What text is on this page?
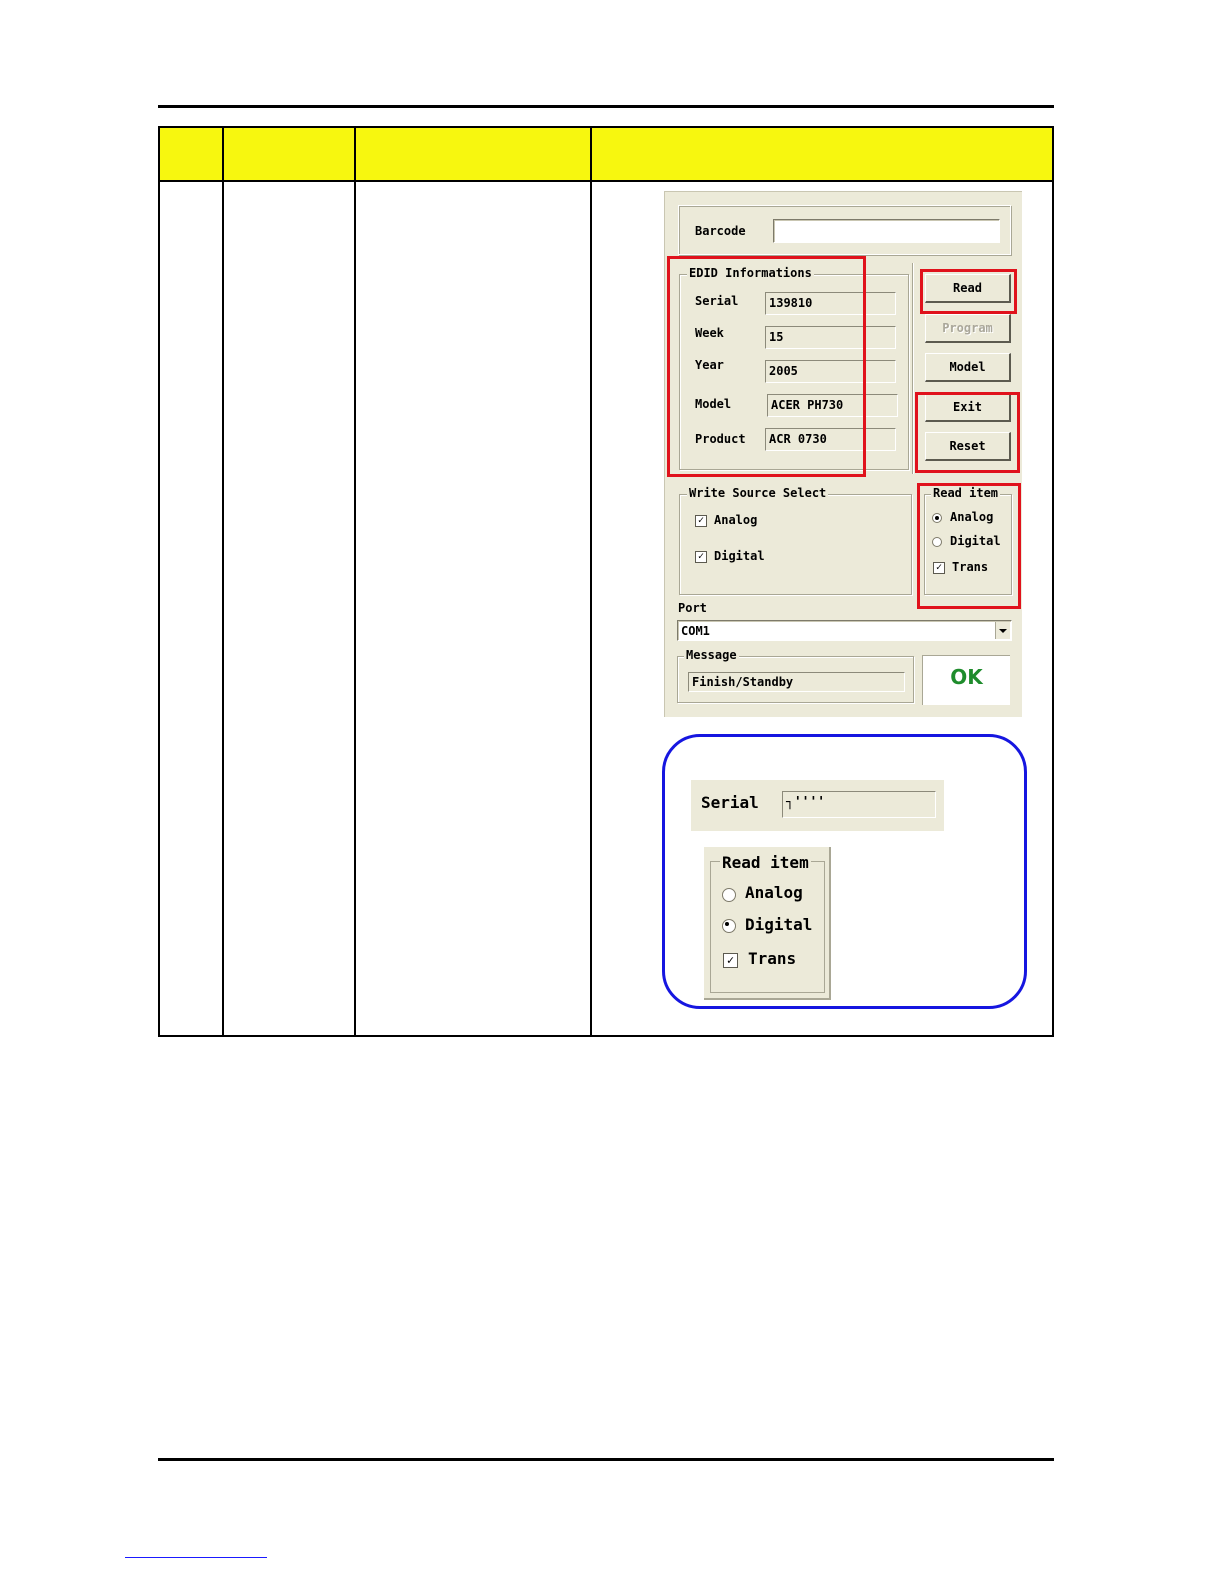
Barcode
EDID Informations
Serial	139810
Week	15
Year	2005
Model	ACER PH730
Product	ACR 0730
Read
Program
Model
Exit
Reset
Write Source Select
✓ Analog
✓ Digital
Read item
Analog
Digital
✓ Trans
Port
COM1
Message
Finish/Standby	OK
Serial	┐''''
Read item
Analog
Digital
✓ Trans
